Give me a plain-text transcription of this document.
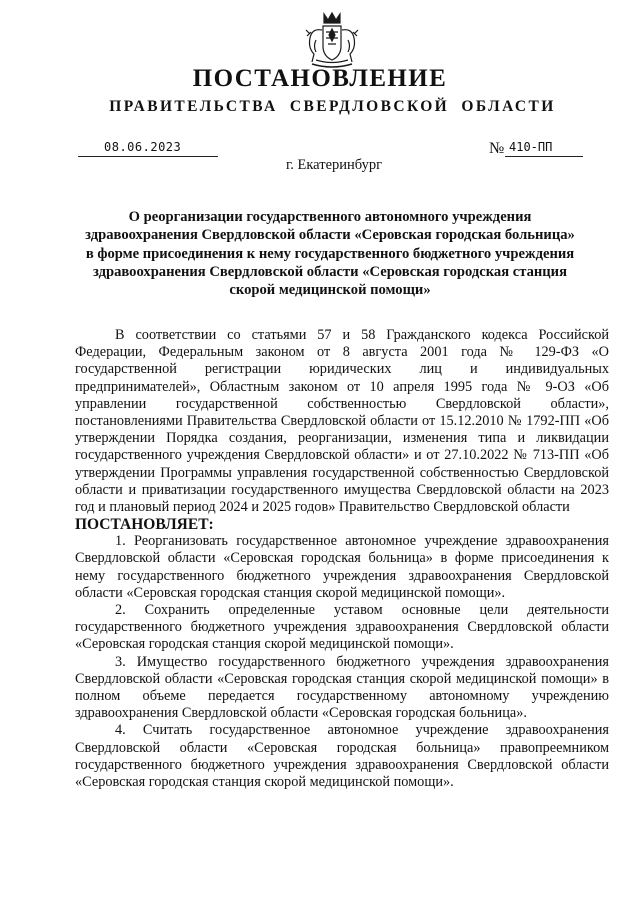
ПОСТАНОВЛЕНИЕ
ПРАВИТЕЛЬСТВА СВЕРДЛОВСКОЙ ОБЛАСТИ
08.06.2023	№ 410-ПП
г. Екатеринбург

О реорганизации государственного автономного учреждения

здравоохранения Свердловской области «Серовская городская больница»

в форме присоединения к нему государственного бюджетного учреждения

здравоохранения Свердловской области «Серовская городская станция

скорой медицинской помощи»

В соответствии со статьями 57 и 58 Гражданского кодекса Российской Федерации, Федеральным законом от 8 августа 2001 года № 129-ФЗ «О государственной регистрации юридических лиц и индивидуальных предпринимателей», Областным законом от 10 апреля 1995 года № 9-ОЗ «Об управлении государственной собственностью Свердловской области», постановлениями Правительства Свердловской области от 15.12.2010 № 1792-ПП «Об утверждении Порядка создания, реорганизации, изменения типа и ликвидации государственного учреждения Свердловской области» и от 27.10.2022 № 713-ПП «Об утверждении Программы управления государственной собственностью Свердловской области и приватизации государственного имущества Свердловской области на 2023 год и плановый период 2024 и 2025 годов» Правительство Свердловской области

ПОСТАНОВЛЯЕТ:

1. Реорганизовать государственное автономное учреждение здравоохранения Свердловской области «Серовская городская больница» в форме присоединения к нему государственного бюджетного учреждения здравоохранения Свердловской области «Серовская городская станция скорой медицинской помощи».

2. Сохранить определенные уставом основные цели деятельности государственного бюджетного учреждения здравоохранения Свердловской области «Серовская городская станция скорой медицинской помощи».

3. Имущество государственного бюджетного учреждения здравоохранения Свердловской области «Серовская городская станция скорой медицинской помощи» в полном объеме передается государственному автономному учреждению здравоохранения Свердловской области «Серовская городская больница».

4. Считать государственное автономное учреждение здравоохранения Свердловской области «Серовская городская больница» правопреемником государственного бюджетного учреждения здравоохранения Свердловской области «Серовская городская станция скорой медицинской помощи».
